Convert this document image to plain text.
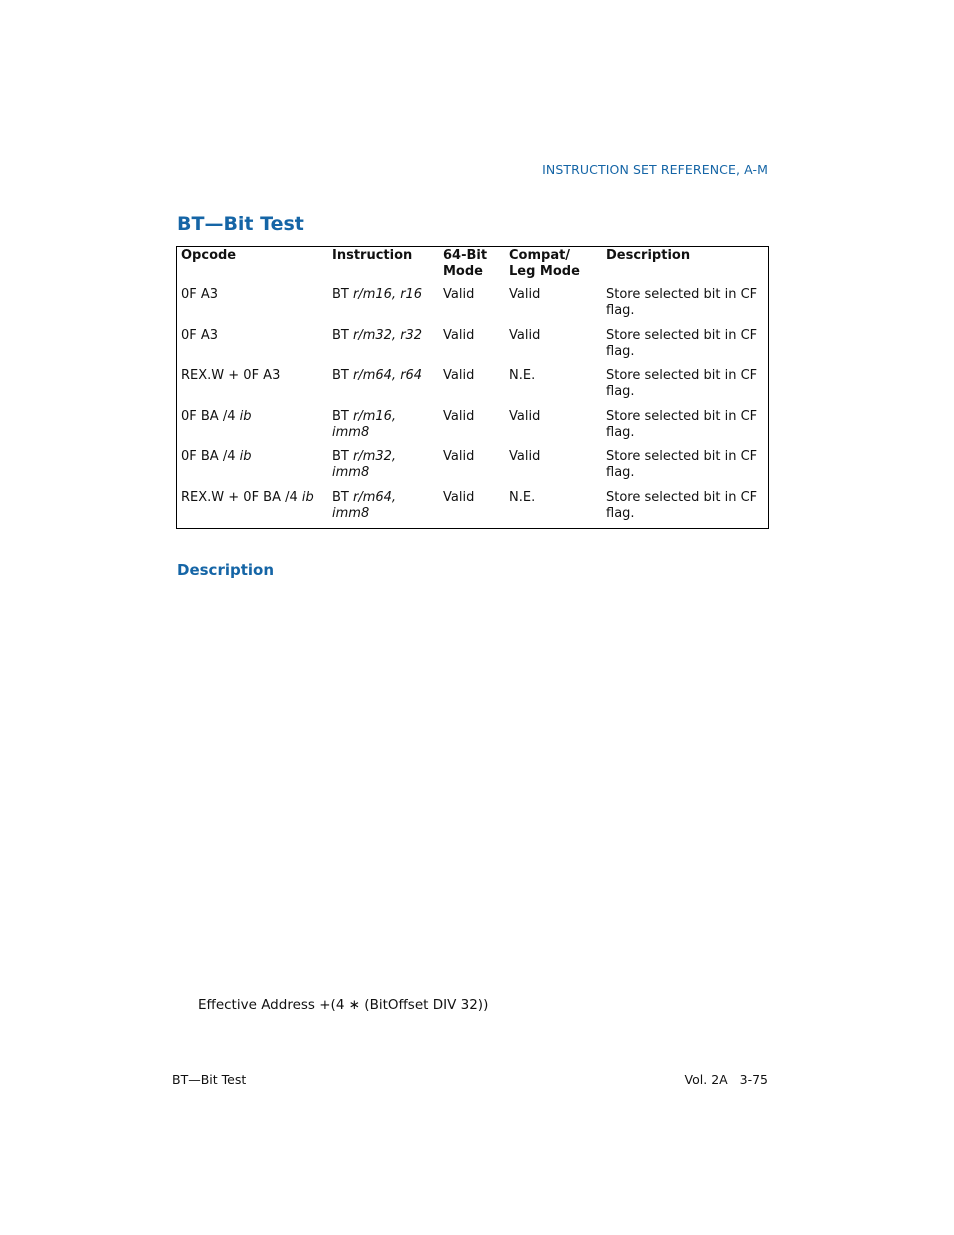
INSTRUCTION SET REFERENCE, A-M
BT—Bit Test
Opcode	Instruction	64-Bit Mode	Compat/ Leg Mode	Description
0F A3	BT r/m16, r16	Valid	Valid	Store selected bit in CF flag.
0F A3	BT r/m32, r32	Valid	Valid	Store selected bit in CF flag.
REX.W + 0F A3	BT r/m64, r64	Valid	N.E.	Store selected bit in CF flag.
0F BA /4 ib	BT r/m16, imm8	Valid	Valid	Store selected bit in CF flag.
0F BA /4 ib	BT r/m32, imm8	Valid	Valid	Store selected bit in CF flag.
REX.W + 0F BA /4 ib	BT r/m64, imm8	Valid	N.E.	Store selected bit in CF flag.
Description
Effective Address +(4 ∗ (BitOffset DIV 32))
BT—Bit Test	Vol. 2A   3-75
